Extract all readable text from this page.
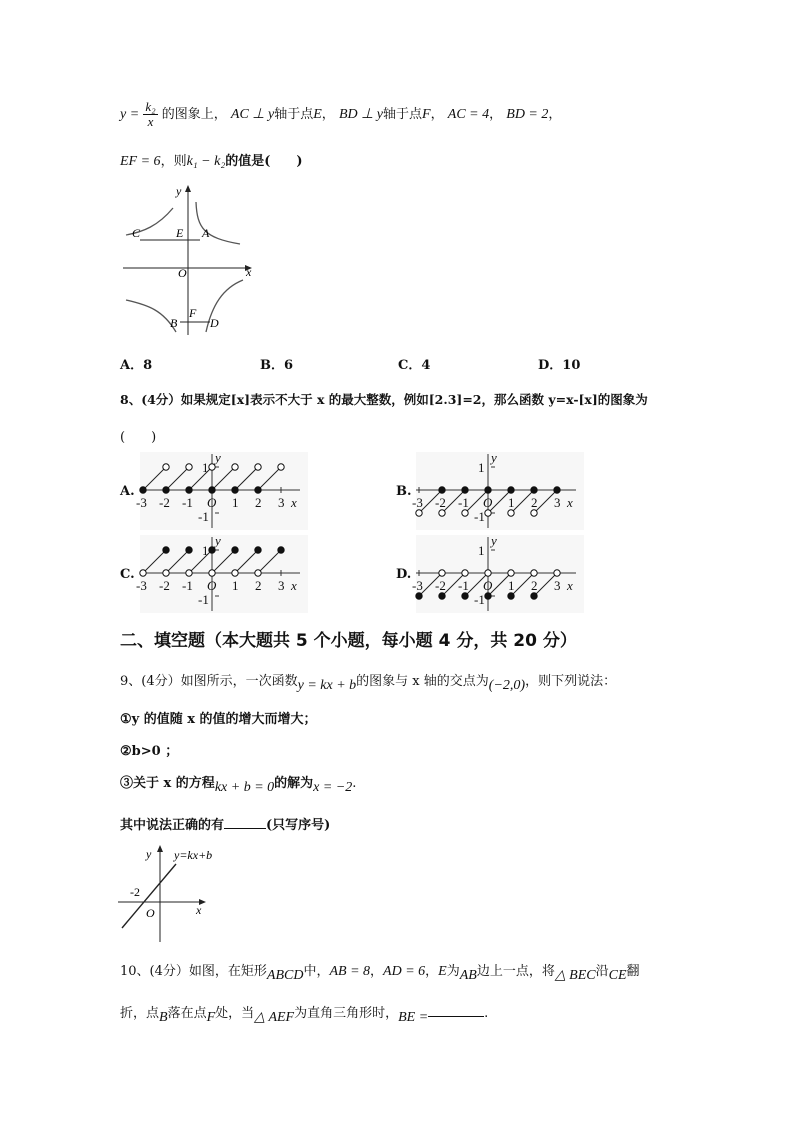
$y = \frac{\text{k₂}}{x}$ 的图象上， AC ⊥ y轴于点E， BD ⊥ y轴于点F， AC = 4， BD = 2，
EF = 6，则k₁ − k₂的值是(　　)
y
x
O
C	E A
B
F
D
A．8	B．6	C．4	D．10
8、(4分）如果规定[x]表示不大于 x 的最大整数，例如[2.3]=2，那么函数 y=x-[x]的图象为
(　　)
A.	B.
C.	D.
y
1
-1
-3 -2 -1 O 1 2 3 x
y
1
-1
-3 -2 -1 O 1 2 3 x
y
1
-1
-3 -2 -1 O 1 2 3 x
y
1
-1
-3 -2 -1 O 1 2 3 x
二、填空题（本大题共 5 个小题，每小题 4 分，共 20 分）
9、(4分）如图所示，一次函数y = kx + b的图象与 x 轴的交点为(−2,0)，则下列说法：
①y 的值随 x 的值的增大而增大；
②b>0 ；
③关于 x 的方程kx + b = 0的解为x = −2.
其中说法正确的有	(只写序号)
y y=kx+b
-2
O	x
10、(4分）如图，在矩形ABCD中，AB = 8，AD = 6，E为AB边上一点，将△ BEC沿CE翻
折，点B落在点F处，当△ AEF为直角三角形时，BE =	.
